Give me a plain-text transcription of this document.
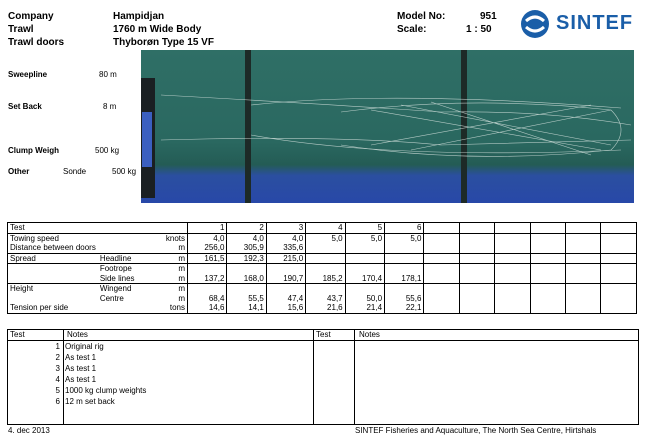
Company	Hampidjan
Trawl	1760 m Wide Body
Trawl doors	Thyborøn Type 15 VF
Model No:	951
Scale:	1 : 50	SINTEF
Sweepline	80 m
Set Back	8 m
Clump Weigh	500 kg
Other	Sonde	500 kg
Test			1	2	3	4	5	6						
Towing speed		knots	4,0	4,0	4,0	5,0	5,0	5,0						
Distance between doors		m	256,0	305,9	335,6									
Spread	Headline	m	161,5	192,3	215,0									
	Footrope	m												
	Side lines	m	137,2	168,0	190,7	185,2	170,4	178,1						
Height	Wingend	m												
	Centre	m	68,4	55,5	47,4	43,7	50,0	55,6						
Tension per side		tons	14,6	14,1	15,6	21,6	21,4	22,1						
Test	Notes	Test	Notes
1 Original rig
2 As test 1
3 As test 1
4 As test 1
5 1000 kg clump weights
6 12 m set back
4. dec 2013	SINTEF Fisheries and Aquaculture, The North Sea Centre, Hirtshals
